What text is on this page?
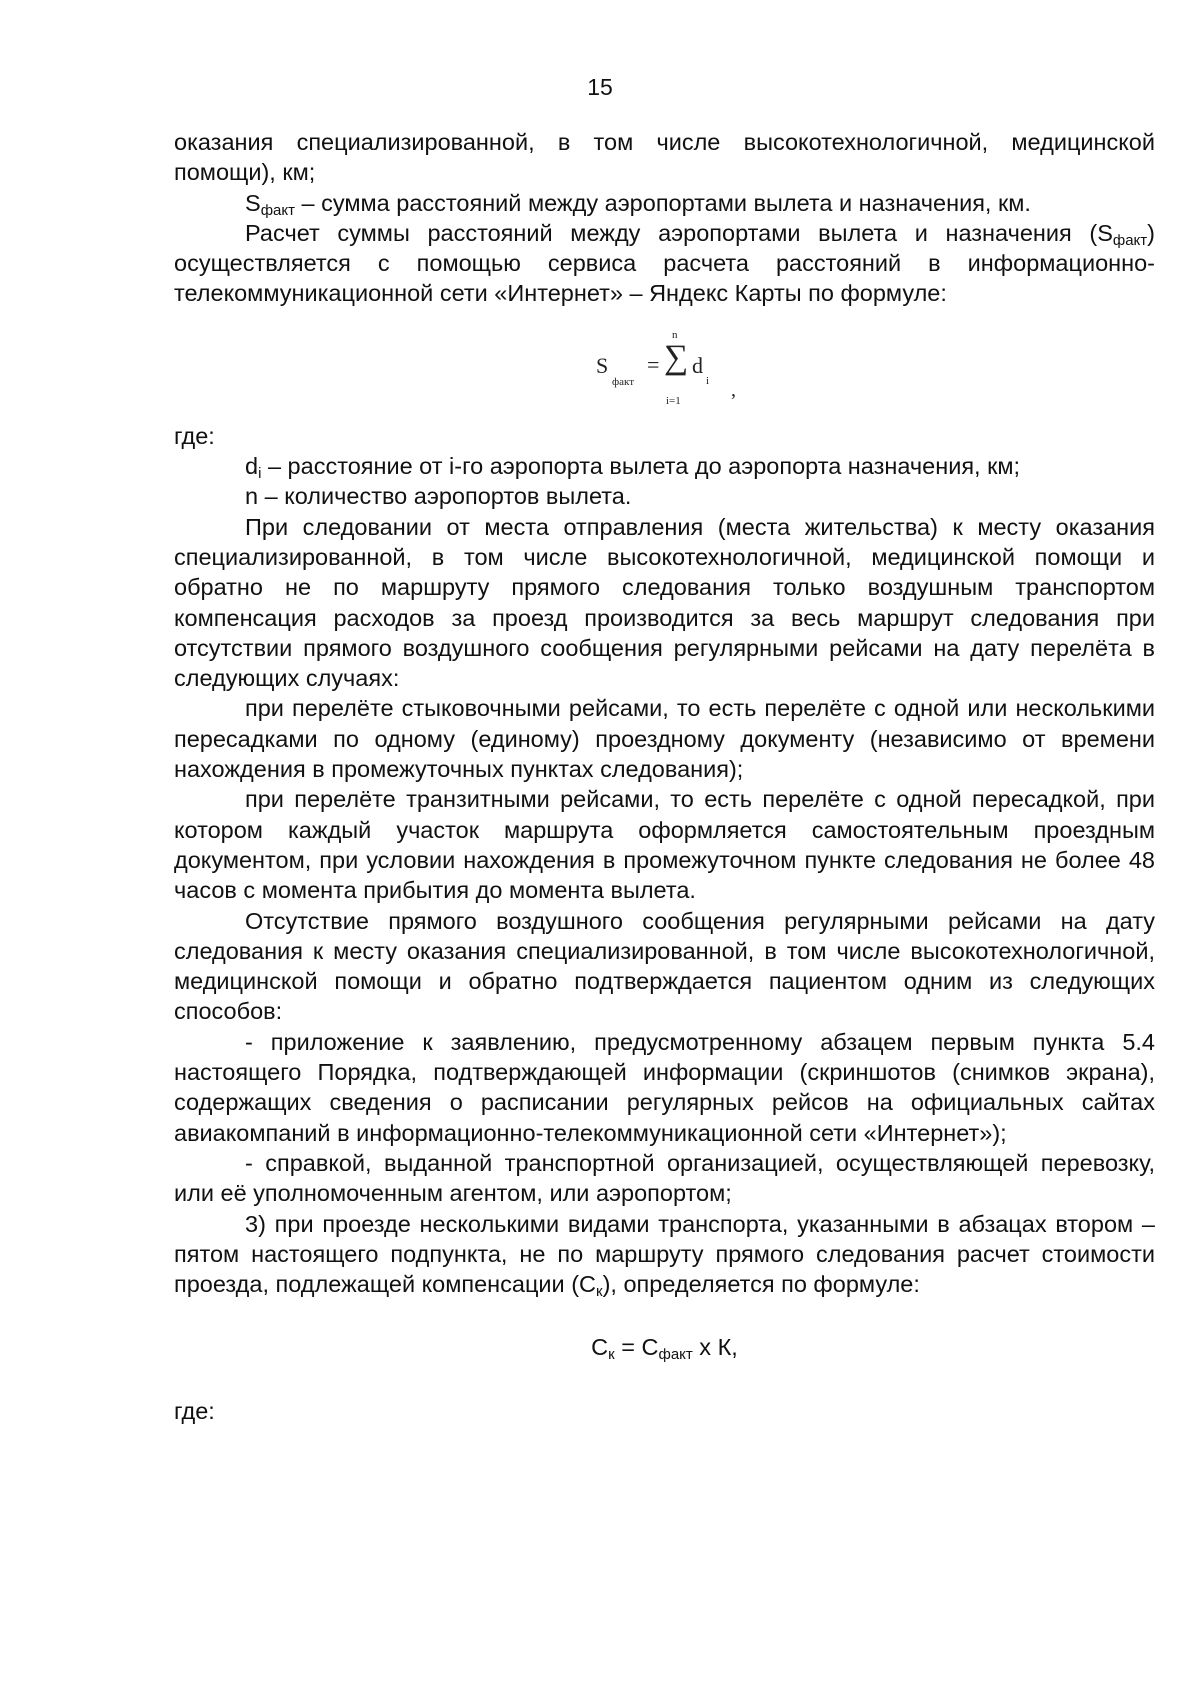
15

оказания специализированной, в том числе высокотехнологичной, медицинской помощи), км;

$S_{факт}$ – сумма расстояний между аэропортами вылета и назначения, км.

Расчет суммы расстояний между аэропортами вылета и назначения $(S_{факт})$ осуществляется с помощью сервиса расчета расстояний в информационно-телекоммуникационной сети «Интернет» – Яндекс Карты по формуле:

S
факт
=
n
∑
i=1
d
i ,

где:

$d_i$ – расстояние от i-го аэропорта вылета до аэропорта назначения, км;

n – количество аэропортов вылета.

При следовании от места отправления (места жительства) к месту оказания специализированной, в том числе высокотехнологичной, медицинской помощи и обратно не по маршруту прямого следования только воздушным транспортом компенсация расходов за проезд производится за весь маршрут следования при отсутствии прямого воздушного сообщения регулярными рейсами на дату перелёта в следующих случаях:

при перелёте стыковочными рейсами, то есть перелёте с одной или несколькими пересадками по одному (единому) проездному документу (независимо от времени нахождения в промежуточных пунктах следования);

при перелёте транзитными рейсами, то есть перелёте с одной пересадкой, при котором каждый участок маршрута оформляется самостоятельным проездным документом, при условии нахождения в промежуточном пункте следования не более 48 часов с момента прибытия до момента вылета.

Отсутствие прямого воздушного сообщения регулярными рейсами на дату следования к месту оказания специализированной, в том числе высокотехнологичной, медицинской помощи и обратно подтверждается пациентом одним из следующих способов:

- приложение к заявлению, предусмотренному абзацем первым пункта 5.4 настоящего Порядка, подтверждающей информации (скриншотов (снимков экрана), содержащих сведения о расписании регулярных рейсов на официальных сайтах авиакомпаний в информационно-телекоммуникационной сети «Интернет»);

- справкой, выданной транспортной организацией, осуществляющей перевозку, или её уполномоченным агентом, или аэропортом;

3) при проезде несколькими видами транспорта, указанными в абзацах втором – пятом настоящего подпункта, не по маршруту прямого следования расчет стоимости проезда, подлежащей компенсации $(С_к)$, определяется по формуле:

$С_к = С_{факт}$ х К,

где:
